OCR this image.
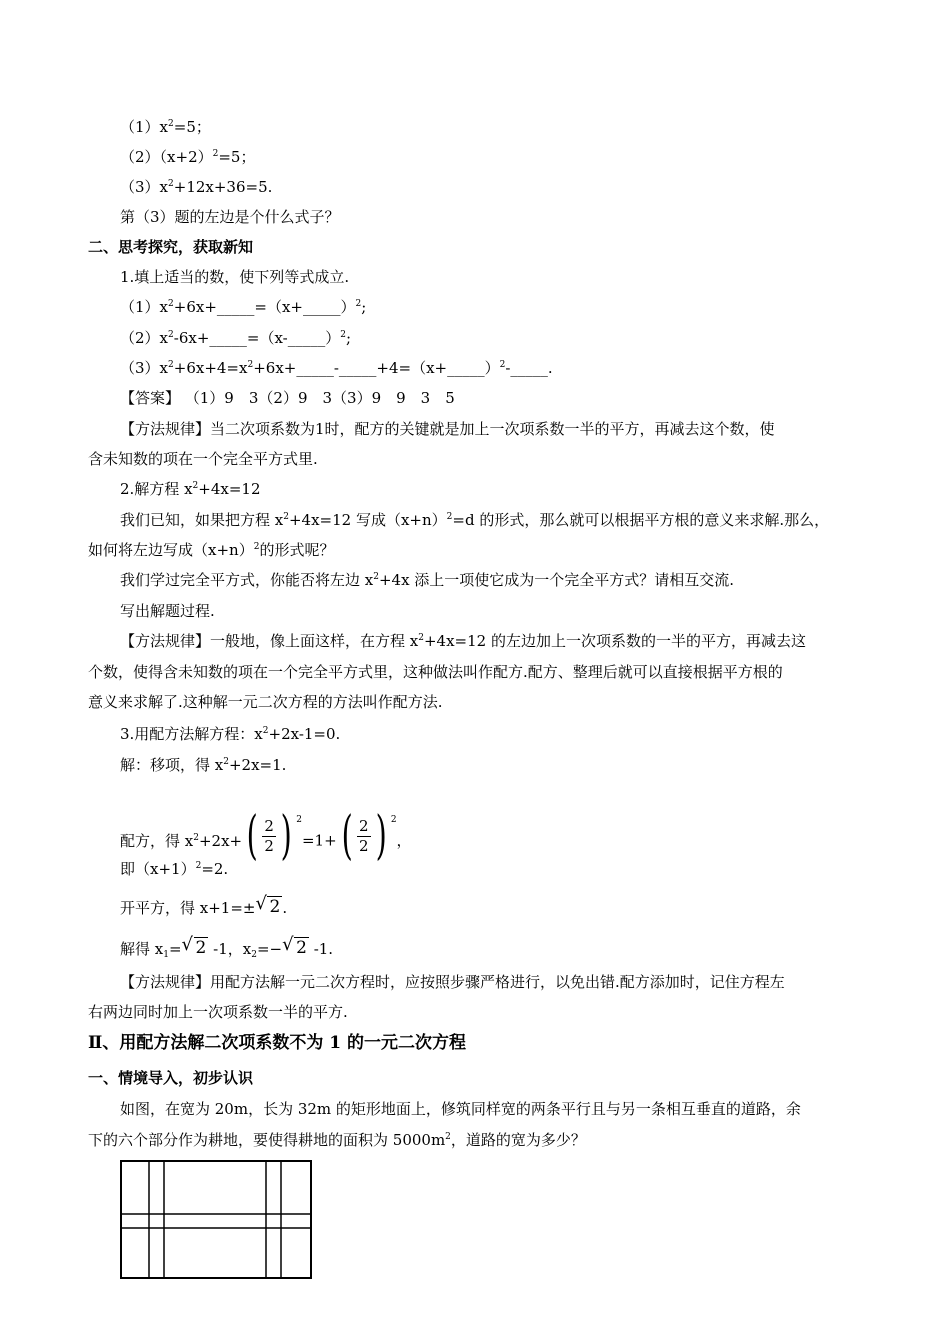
$(1)x^2=5$；
$(2)(x+2)^2=5$；
$(3)x^2+12x+36=5$.
第（3）题的左边是个什么式子？
二、思考探究，获取新知
1.填上适当的数，使下列等式成立.
$(1)x^2+6x+\_\_\_\_\_=(x+\_\_\_\_\_)^2$;
$(2)x^2-6x+\_\_\_\_\_=(x-\_\_\_\_\_)^2$;
$(3)x^2+6x+4=x^2+6x+\_\_\_\_\_-\_\_\_\_\_+4=(x+\_\_\_\_\_)^2-\_\_\_\_\_$.
【答案】 （1）9　3（2）9　3（3）9　9　3　5
【方法规律】当二次项系数为1时，配方的关键就是加上一次项系数一半的平方，再减去这个数，使
含未知数的项在一个完全平方式里.
2.解方程 $x^2+4x=12$
我们已知，如果把方程 $x^2+4x=12$ 写成$(x+n)^2=d$ 的形式，那么就可以根据平方根的意义来求解.那么，
如何将左边写成$(x+n)^2$的形式呢？
我们学过完全平方式，你能否将左边 $x^2+4x$ 添上一项使它成为一个完全平方式？请相互交流.
写出解题过程.
【方法规律】一般地，像上面这样，在方程 $x^2+4x=12$ 的左边加上一次项系数的一半的平方，再减去这
个数，使得含未知数的项在一个完全平方式里，这种做法叫作配方.配方、整理后就可以直接根据平方根的
意义来求解了.这种解一元二次方程的方法叫作配方法.
3.用配方法解方程：$x^2+2x-1=0$.
解：移项，得 $x^2+2x=1$.
配方，得 $x^2+2x+( \frac{2}{2}$ ) $^2=1+( \frac{2}{2}$ ) $^2$，
即$(x+1)^2=2$.
开平方，得 x+1=±√ 2 .
解得 $x_1=√$ 2 -1，$x_2=-√$ 2 -1.
【方法规律】用配方法解一元二次方程时，应按照步骤严格进行，以免出错.配方添加时，记住方程左
右两边同时加上一次项系数一半的平方.
Ⅱ、用配方法解二次项系数不为 1 的一元二次方程
一、情境导入，初步认识
如图，在宽为 20m，长为 32m 的矩形地面上，修筑同样宽的两条平行且与另一条相互垂直的道路，余
下的六个部分作为耕地，要使得耕地的面积为 $5000m^2$，道路的宽为多少？
